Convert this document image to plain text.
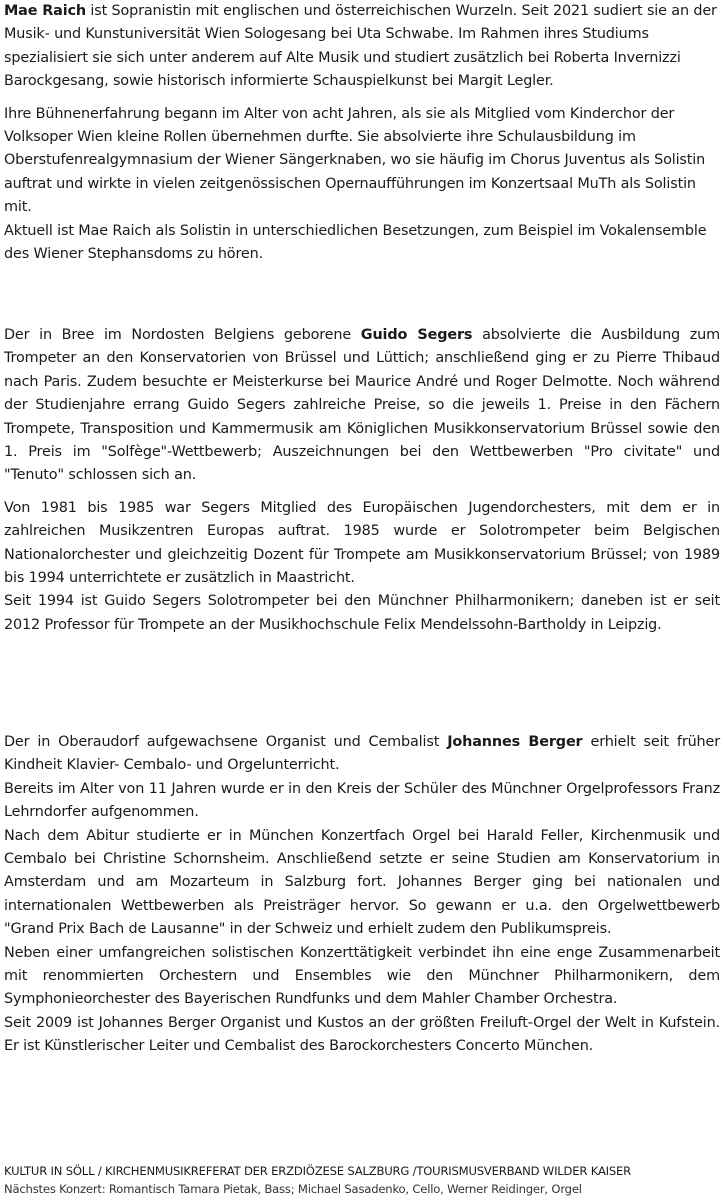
Mae Raich ist Sopranistin mit englischen und österreichischen Wurzeln. Seit 2021 sudiert sie an der Musik- und Kunstuniversität Wien Sologesang bei Uta Schwabe. Im Rahmen ihres Studiums spezialisiert sie sich unter anderem auf Alte Musik und studiert zusätzlich bei Roberta Invernizzi Barockgesang, sowie historisch informierte Schauspielkunst bei Margit Legler.

Ihre Bühnenerfahrung begann im Alter von acht Jahren, als sie als Mitglied vom Kinderchor der Volksoper Wien kleine Rollen übernehmen durfte. Sie absolvierte ihre Schulausbildung im Oberstufenrealgymnasium der Wiener Sängerknaben, wo sie häufig im Chorus Juventus als Solistin auftrat und wirkte in vielen zeitgenössischen Opernaufführungen im Konzertsaal MuTh als Solistin mit.

Aktuell ist Mae Raich als Solistin in unterschiedlichen Besetzungen, zum Beispiel im Vokalensemble des Wiener Stephansdoms zu hören.

Der in Bree im Nordosten Belgiens geborene Guido Segers absolvierte die Ausbildung zum Trompeter an den Konservatorien von Brüssel und Lüttich; anschließend ging er zu Pierre Thibaud nach Paris. Zudem besuchte er Meisterkurse bei Maurice André und Roger Delmotte. Noch während der Studienjahre errang Guido Segers zahlreiche Preise, so die jeweils 1. Preise in den Fächern Trompete, Transposition und Kammermusik am Königlichen Musikkonservatorium Brüssel sowie den 1. Preis im "Solfège"-Wettbewerb; Auszeichnungen bei den Wettbewerben "Pro civitate" und "Tenuto" schlossen sich an.

Von 1981 bis 1985 war Segers Mitglied des Europäischen Jugendorchesters, mit dem er in zahlreichen Musikzentren Europas auftrat. 1985 wurde er Solotrompeter beim Belgischen Nationalorchester und gleichzeitig Dozent für Trompete am Musikkonservatorium Brüssel; von 1989 bis 1994 unterrichtete er zusätzlich in Maastricht.

Seit 1994 ist Guido Segers Solotrompeter bei den Münchner Philharmonikern; daneben ist er seit 2012 Professor für Trompete an der Musikhochschule Felix Mendelssohn-Bartholdy in Leipzig.

Der in Oberaudorf aufgewachsene Organist und Cembalist Johannes Berger erhielt seit früher Kindheit Klavier- Cembalo- und Orgelunterricht.

Bereits im Alter von 11 Jahren wurde er in den Kreis der Schüler des Münchner Orgelprofessors Franz Lehrndorfer aufgenommen.

Nach dem Abitur studierte er in München Konzertfach Orgel bei Harald Feller, Kirchenmusik und Cembalo bei Christine Schornsheim. Anschließend setzte er seine Studien am Konservatorium in Amsterdam und am Mozarteum in Salzburg fort. Johannes Berger ging bei nationalen und internationalen Wettbewerben als Preisträger hervor. So gewann er u.a. den Orgelwettbewerb "Grand Prix Bach de Lausanne" in der Schweiz und erhielt zudem den Publikumspreis.

Neben einer umfangreichen solistischen Konzerttätigkeit verbindet ihn eine enge Zusammenarbeit mit renommierten Orchestern und Ensembles wie den Münchner Philharmonikern, dem Symphonieorchester des Bayerischen Rundfunks und dem Mahler Chamber Orchestra.

Seit 2009 ist Johannes Berger Organist und Kustos an der größten Freiluft-Orgel der Welt in Kufstein. Er ist Künstlerischer Leiter und Cembalist des Barockorchesters Concerto München.

KULTUR IN SÖLL / KIRCHENMUSIKREFERAT DER ERZDIÖZESE SALZBURG /TOURISMUSVERBAND WILDER KAISER
Nächstes Konzert: Romantisch Tamara Pietak, Bass; Michael Sasadenko, Cello, Werner Reidinger, Orgel
